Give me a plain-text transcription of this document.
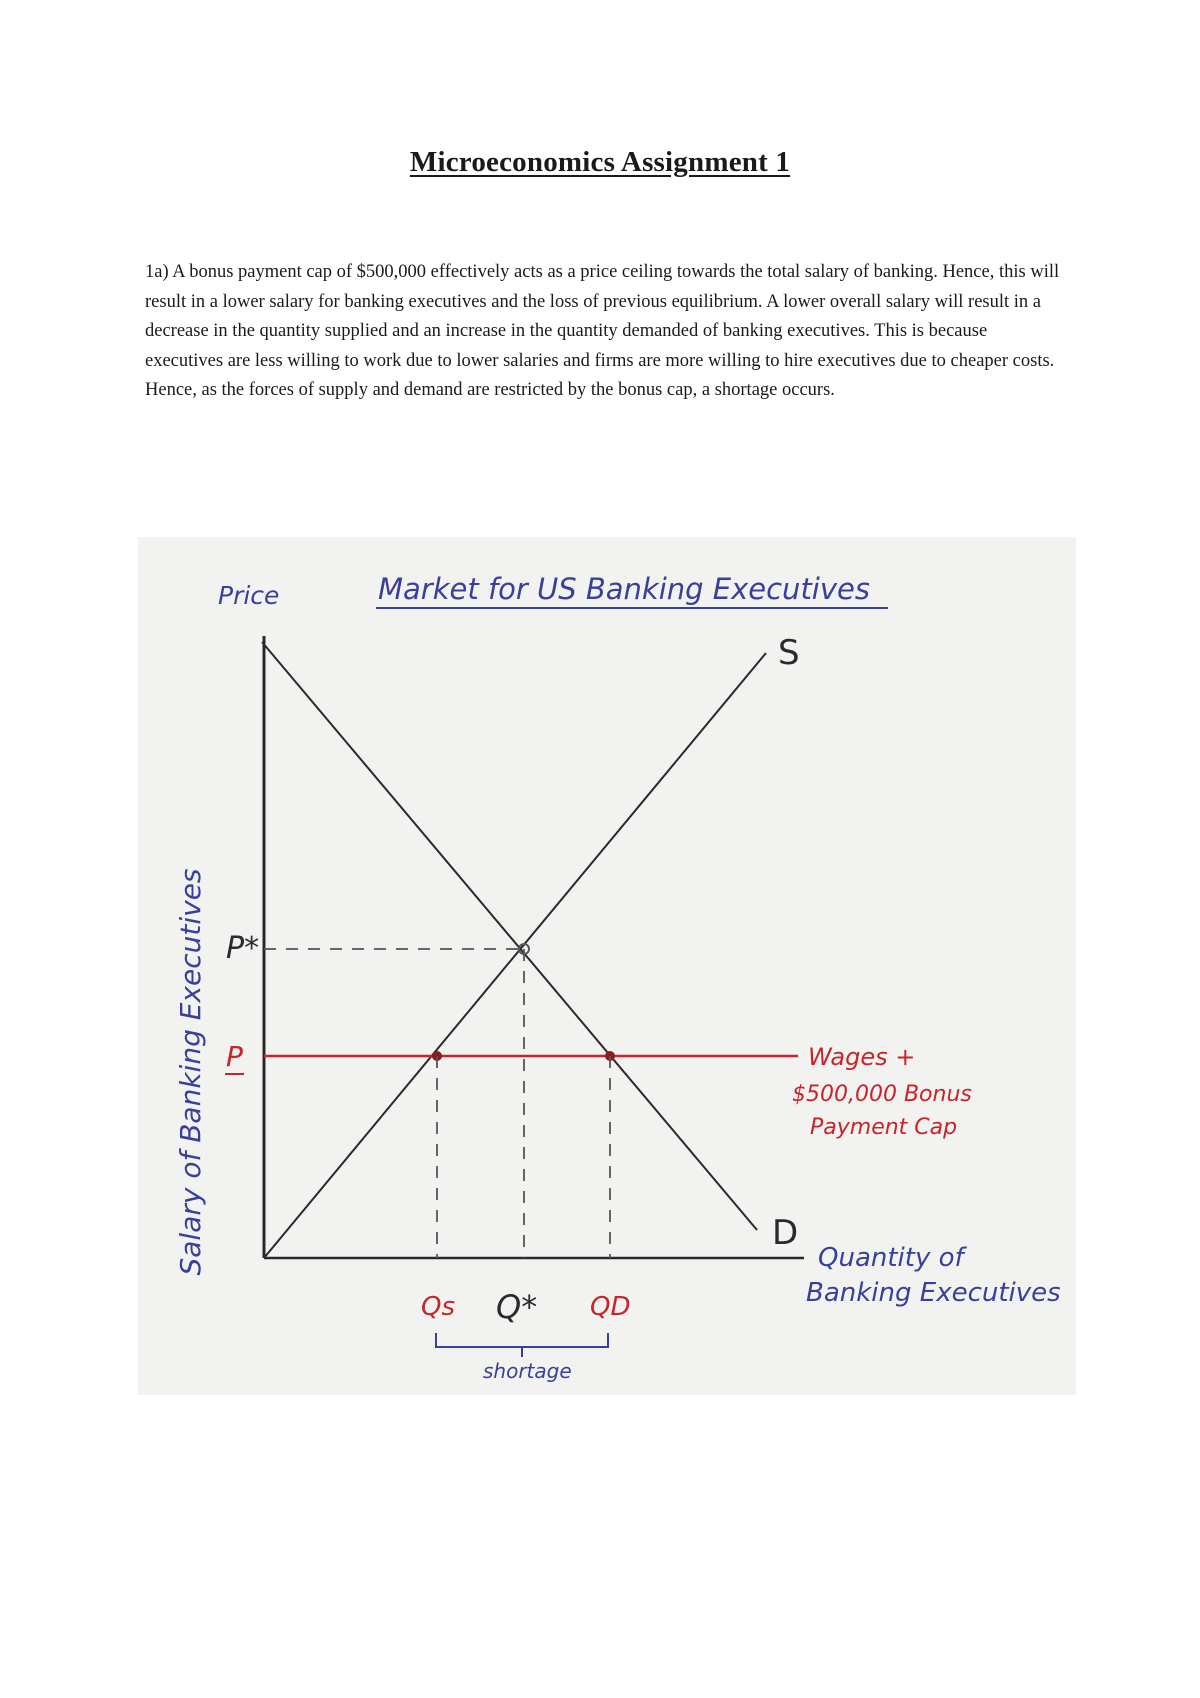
Microeconomics Assignment 1

1a) A bonus payment cap of $500,000 effectively acts as a price ceiling towards the total salary of banking. Hence, this will result in a lower salary for banking executives and the loss of previous equilibrium. A lower overall salary will result in a decrease in the quantity supplied and an increase in the quantity demanded of banking executives. This is because executives are less willing to work due to lower salaries and firms are more willing to hire executives due to cheaper costs. Hence, as the forces of supply and demand are restricted by the bonus cap, a shortage occurs.

Market for US Banking Executives
Price
Salary of Banking Executives	Quantity of
Banking Executives
S
D
P*
P	Wages +
$500,000 Bonus
Payment Cap
Qs Q* QD
shortage
